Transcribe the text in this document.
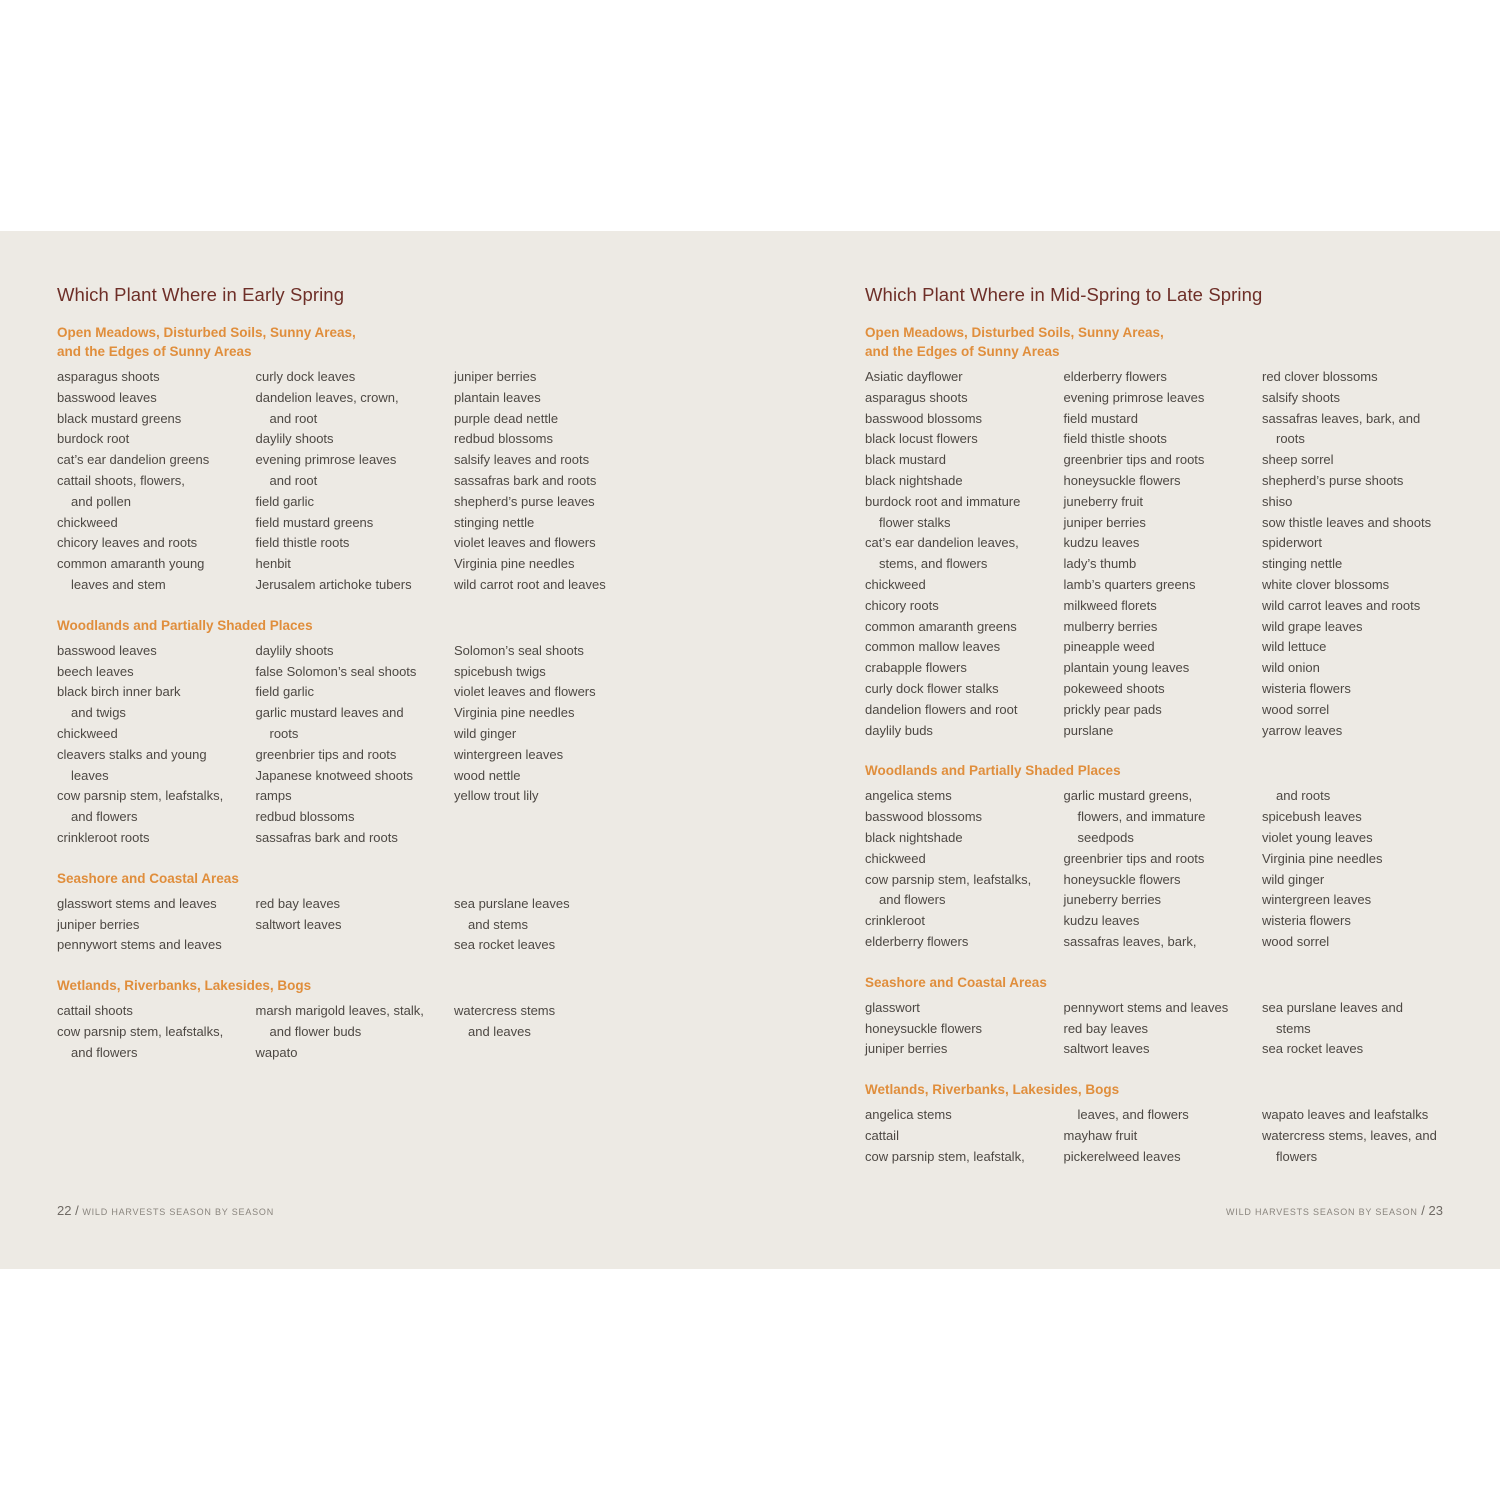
Which Plant Where in Early Spring
Open Meadows, Disturbed Soils, Sunny Areas,
and the Edges of Sunny Areas
asparagus shoots
basswood leaves
black mustard greens
burdock root
cat’s ear dandelion greens
cattail shoots, flowers,
and pollen
chickweed
chicory leaves and roots
common amaranth young
leaves and stem
curly dock leaves
dandelion leaves, crown,
and root
daylily shoots
evening primrose leaves
and root
field garlic
field mustard greens
field thistle roots
henbit
Jerusalem artichoke tubers
juniper berries
plantain leaves
purple dead nettle
redbud blossoms
salsify leaves and roots
sassafras bark and roots
shepherd’s purse leaves
stinging nettle
violet leaves and flowers
Virginia pine needles
wild carrot root and leaves
Woodlands and Partially Shaded Places
basswood leaves
beech leaves
black birch inner bark
and twigs
chickweed
cleavers stalks and young
leaves
cow parsnip stem, leafstalks,
and flowers
crinkleroot roots
daylily shoots
false Solomon’s seal shoots
field garlic
garlic mustard leaves and
roots
greenbrier tips and roots
Japanese knotweed shoots
ramps
redbud blossoms
sassafras bark and roots
Solomon’s seal shoots
spicebush twigs
violet leaves and flowers
Virginia pine needles
wild ginger
wintergreen leaves
wood nettle
yellow trout lily
Seashore and Coastal Areas
glasswort stems and leaves
juniper berries
pennywort stems and leaves
red bay leaves
saltwort leaves
sea purslane leaves
and stems
sea rocket leaves
Wetlands, Riverbanks, Lakesides, Bogs
cattail shoots
cow parsnip stem, leafstalks,
and flowers
marsh marigold leaves, stalk,
and flower buds
wapato
watercress stems
and leaves
22 / WILD HARVESTS SEASON BY SEASON
Which Plant Where in Mid-Spring to Late Spring
Open Meadows, Disturbed Soils, Sunny Areas,
and the Edges of Sunny Areas
Asiatic dayflower
asparagus shoots
basswood blossoms
black locust flowers
black mustard
black nightshade
burdock root and immature
flower stalks
cat’s ear dandelion leaves,
stems, and flowers
chickweed
chicory roots
common amaranth greens
common mallow leaves
crabapple flowers
curly dock flower stalks
dandelion flowers and root
daylily buds
elderberry flowers
evening primrose leaves
field mustard
field thistle shoots
greenbrier tips and roots
honeysuckle flowers
juneberry fruit
juniper berries
kudzu leaves
lady’s thumb
lamb’s quarters greens
milkweed florets
mulberry berries
pineapple weed
plantain young leaves
pokeweed shoots
prickly pear pads
purslane
red clover blossoms
salsify shoots
sassafras leaves, bark, and
roots
sheep sorrel
shepherd’s purse shoots
shiso
sow thistle leaves and shoots
spiderwort
stinging nettle
white clover blossoms
wild carrot leaves and roots
wild grape leaves
wild lettuce
wild onion
wisteria flowers
wood sorrel
yarrow leaves
Woodlands and Partially Shaded Places
angelica stems
basswood blossoms
black nightshade
chickweed
cow parsnip stem, leafstalks,
and flowers
crinkleroot
elderberry flowers
garlic mustard greens,
flowers, and immature
seedpods
greenbrier tips and roots
honeysuckle flowers
juneberry berries
kudzu leaves
sassafras leaves, bark,
and roots
spicebush leaves
violet young leaves
Virginia pine needles
wild ginger
wintergreen leaves
wisteria flowers
wood sorrel
Seashore and Coastal Areas
glasswort
honeysuckle flowers
juniper berries
pennywort stems and leaves
red bay leaves
saltwort leaves
sea purslane leaves and
stems
sea rocket leaves
Wetlands, Riverbanks, Lakesides, Bogs
angelica stems
cattail
cow parsnip stem, leafstalk,
leaves, and flowers
mayhaw fruit
pickerelweed leaves
wapato leaves and leafstalks
watercress stems, leaves, and
flowers
WILD HARVESTS SEASON BY SEASON / 23
